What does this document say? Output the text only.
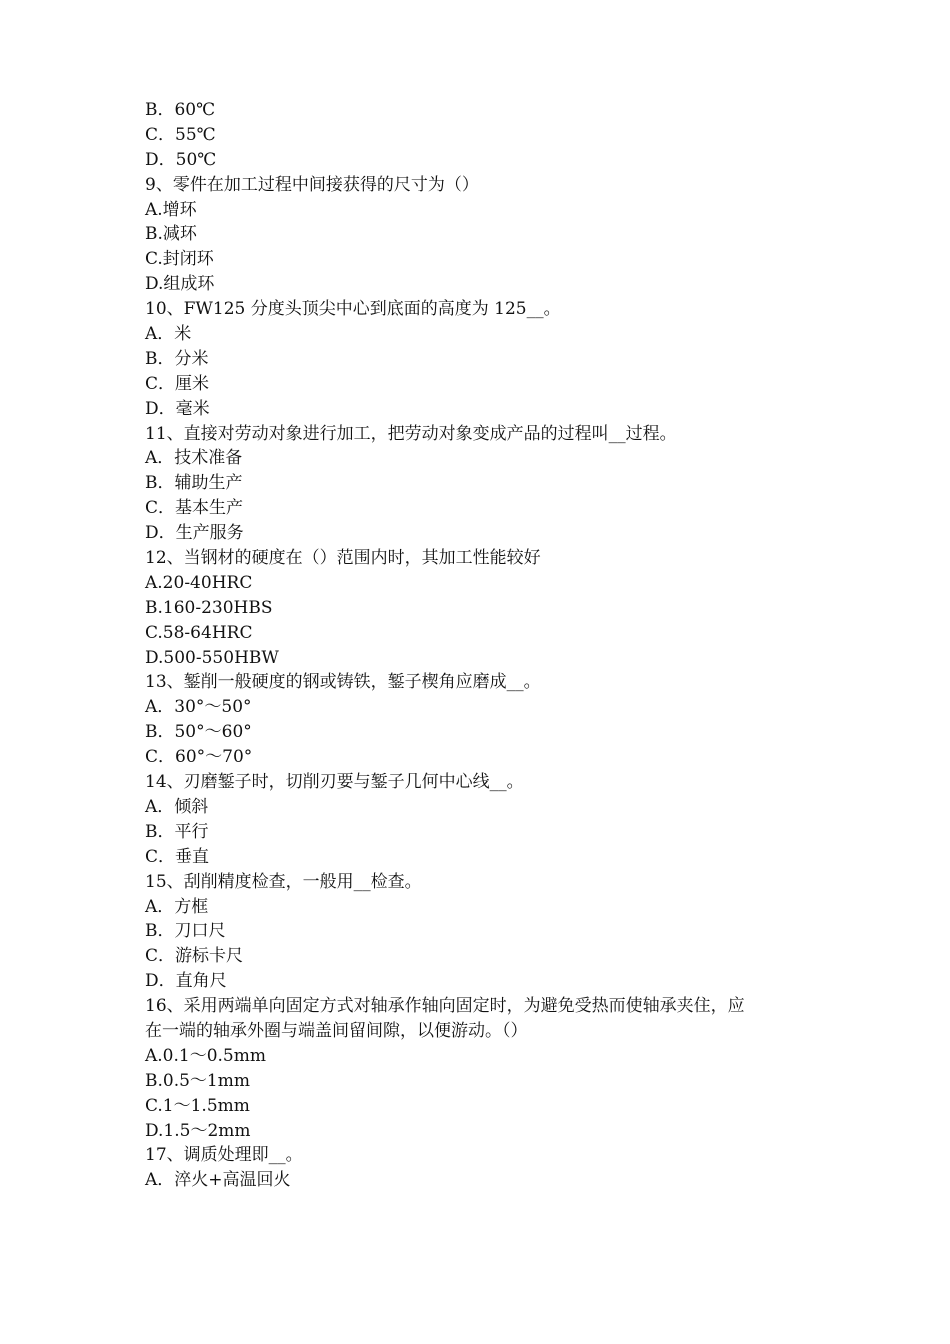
B．60℃
C．55℃
D．50℃
9、零件在加工过程中间接获得的尺寸为（）
A.增环
B.减环
C.封闭环
D.组成环
10、FW125 分度头顶尖中心到底面的高度为 125__。
A．米
B．分米
C．厘米
D．毫米
11、直接对劳动对象进行加工，把劳动对象变成产品的过程叫__过程。
A．技术准备
B．辅助生产
C．基本生产
D．生产服务
12、当钢材的硬度在（）范围内时，其加工性能较好
A.20-40HRC
B.160-230HBS
C.58-64HRC
D.500-550HBW
13、錾削一般硬度的钢或铸铁，錾子楔角应磨成__。
A．30°～50°
B．50°～60°
C．60°～70°
14、刃磨錾子时，切削刃要与錾子几何中心线__。
A．倾斜
B．平行
C．垂直
15、刮削精度检查，一般用__检查。
A．方框
B．刀口尺
C．游标卡尺
D．直角尺
16、采用两端单向固定方式对轴承作轴向固定时，为避免受热而使轴承夹住，应
在一端的轴承外圈与端盖间留间隙，以便游动。（）
A.0.1～0.5mm
B.0.5～1mm
C.1～1.5mm
D.1.5～2mm
17、调质处理即__。
A．淬火+高温回火
